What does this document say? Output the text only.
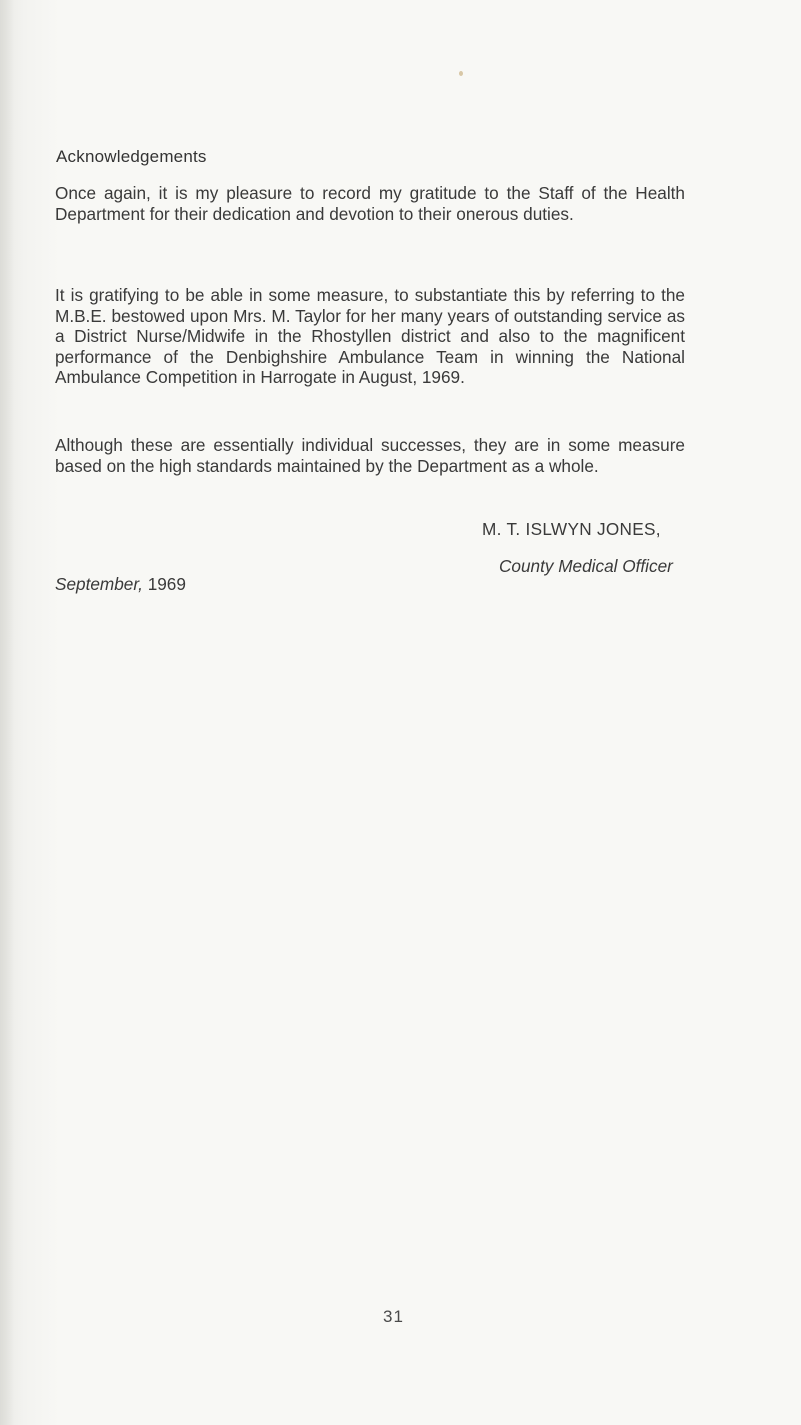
Acknowledgements

Once again, it is my pleasure to record my gratitude to the Staff of the Health Department for their dedication and devotion to their onerous duties.

It is gratifying to be able in some measure, to substantiate this by referring to the M.B.E. bestowed upon Mrs. M. Taylor for her many years of outstanding service as a District Nurse/Midwife in the Rhostyllen district and also to the magnificent performance of the Denbighshire Ambulance Team in winning the National Ambulance Competition in Harrogate in August, 1969.

Although these are essentially individual successes, they are in some measure based on the high standards maintained by the Department as a whole.

M. T. ISLWYN JONES,
County Medical Officer
September, 1969
31
